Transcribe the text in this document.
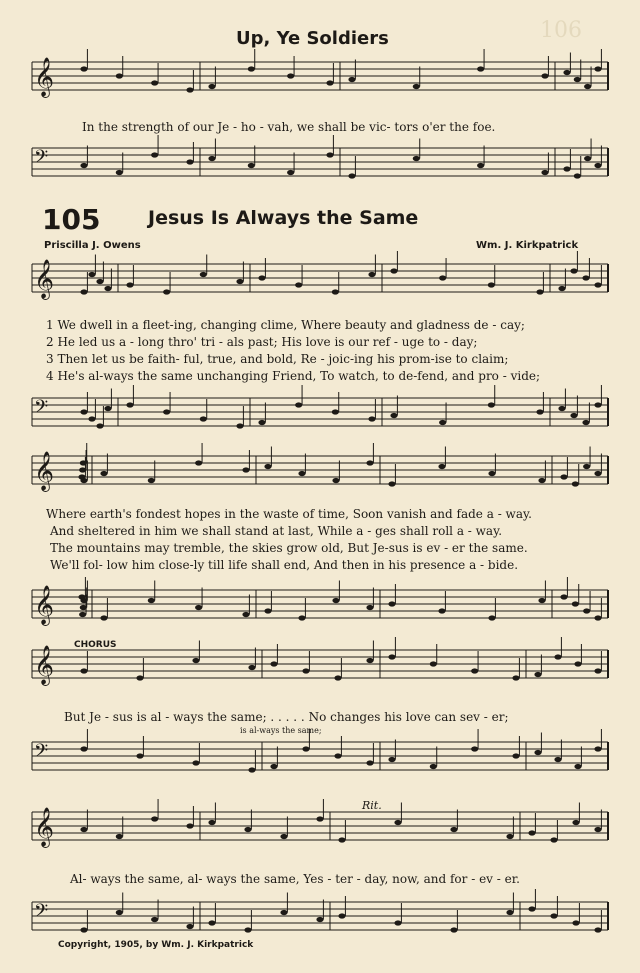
106
Up, Ye Soldiers
𝄞
𝄢
𝄞
𝄢
𝄞
𝄞
𝄞
𝄢
𝄞
𝄢
In the strength of our Je - ho - vah, we shall be vic- tors o'er the foe.
105	Jesus Is Always the Same
Priscilla J. Owens	Wm. J. Kirkpatrick
1 We dwell in a fleet-ing, changing clime, Where beauty and gladness de - cay;
2 He led us a - long thro' tri - als past; His love is our ref - uge to - day;
3 Then let us be faith- ful, true, and bold, Re - joic-ing his prom-ise to claim;
4 He's al-ways the same unchanging Friend, To watch, to de-fend, and pro - vide;
Where earth's fondest hopes in the waste of time, Soon vanish and fade a - way.
And sheltered in him we shall stand at last, While a - ges shall roll a - way.
The mountains may tremble, the skies grow old, But Je-sus is ev - er the same.
We'll fol- low him close-ly till life shall end, And then in his presence a - bide.
CHORUS
But Je - sus is al - ways the same; . . . . . No changes his love can sev - er;
is al-ways the same;
Rit.
Al- ways the same, al- ways the same, Yes - ter - day, now, and for - ev - er.
Copyright, 1905, by Wm. J. Kirkpatrick
